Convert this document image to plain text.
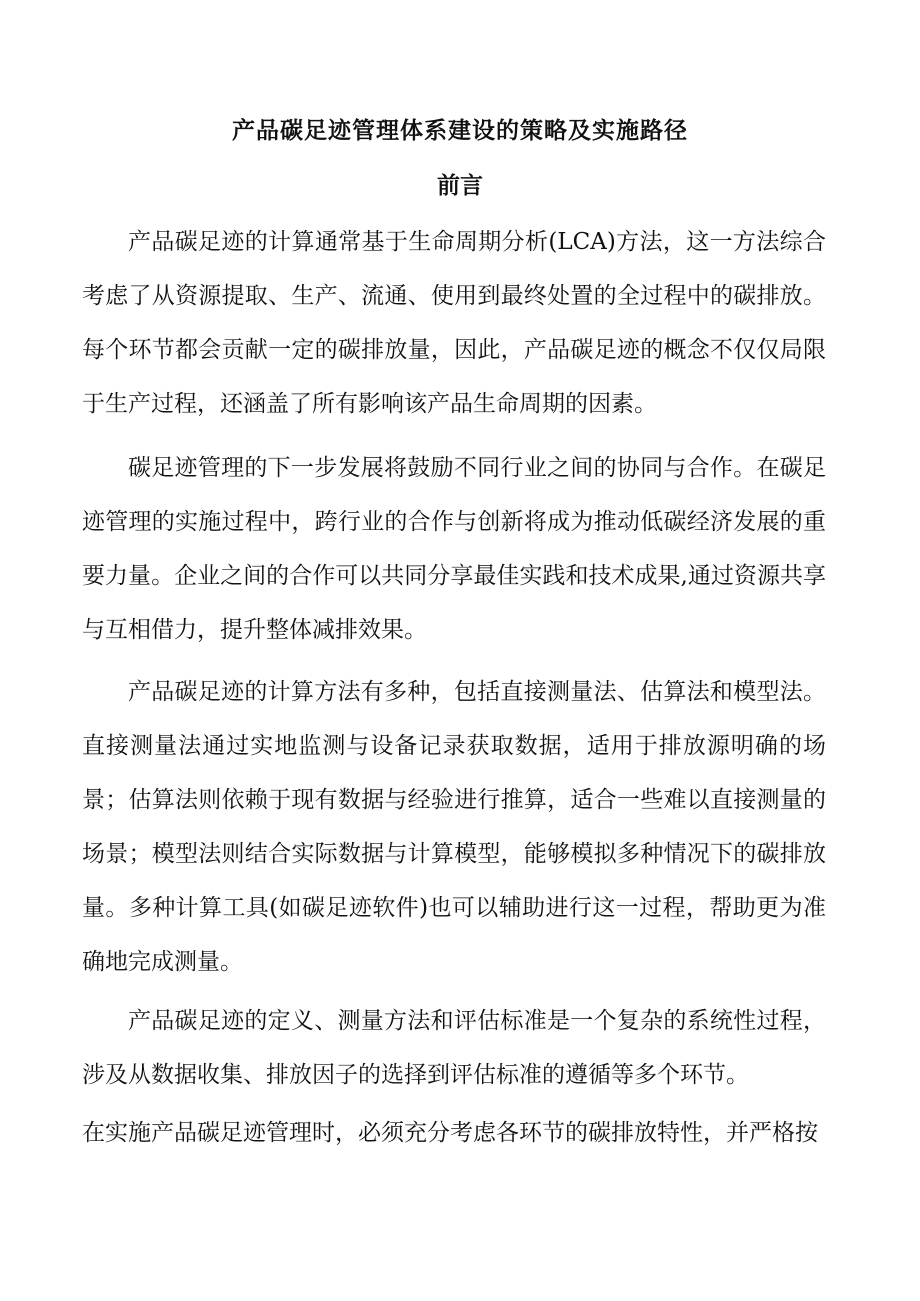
产品碳足迹管理体系建设的策略及实施路径
前言

产品碳足迹的计算通常基于生命周期分析(LCA)方法，这一方法综合考虑了从资源提取、生产、流通、使用到最终处置的全过程中的碳排放。每个环节都会贡献一定的碳排放量，因此，产品碳足迹的概念不仅仅局限于生产过程，还涵盖了所有影响该产品生命周期的因素。

碳足迹管理的下一步发展将鼓励不同行业之间的协同与合作。在碳足迹管理的实施过程中，跨行业的合作与创新将成为推动低碳经济发展的重要力量。企业之间的合作可以共同分享最佳实践和技术成果,通过资源共享与互相借力，提升整体减排效果。

产品碳足迹的计算方法有多种，包括直接测量法、估算法和模型法。直接测量法通过实地监测与设备记录获取数据，适用于排放源明确的场景；估算法则依赖于现有数据与经验进行推算，适合一些难以直接测量的场景；模型法则结合实际数据与计算模型，能够模拟多种情况下的碳排放量。多种计算工具(如碳足迹软件)也可以辅助进行这一过程，帮助更为准确地完成测量。

产品碳足迹的定义、测量方法和评估标准是一个复杂的系统性过程，涉及从数据收集、排放因子的选择到评估标准的遵循等多个环节。

在实施产品碳足迹管理时，必须充分考虑各环节的碳排放特性，并严格按
